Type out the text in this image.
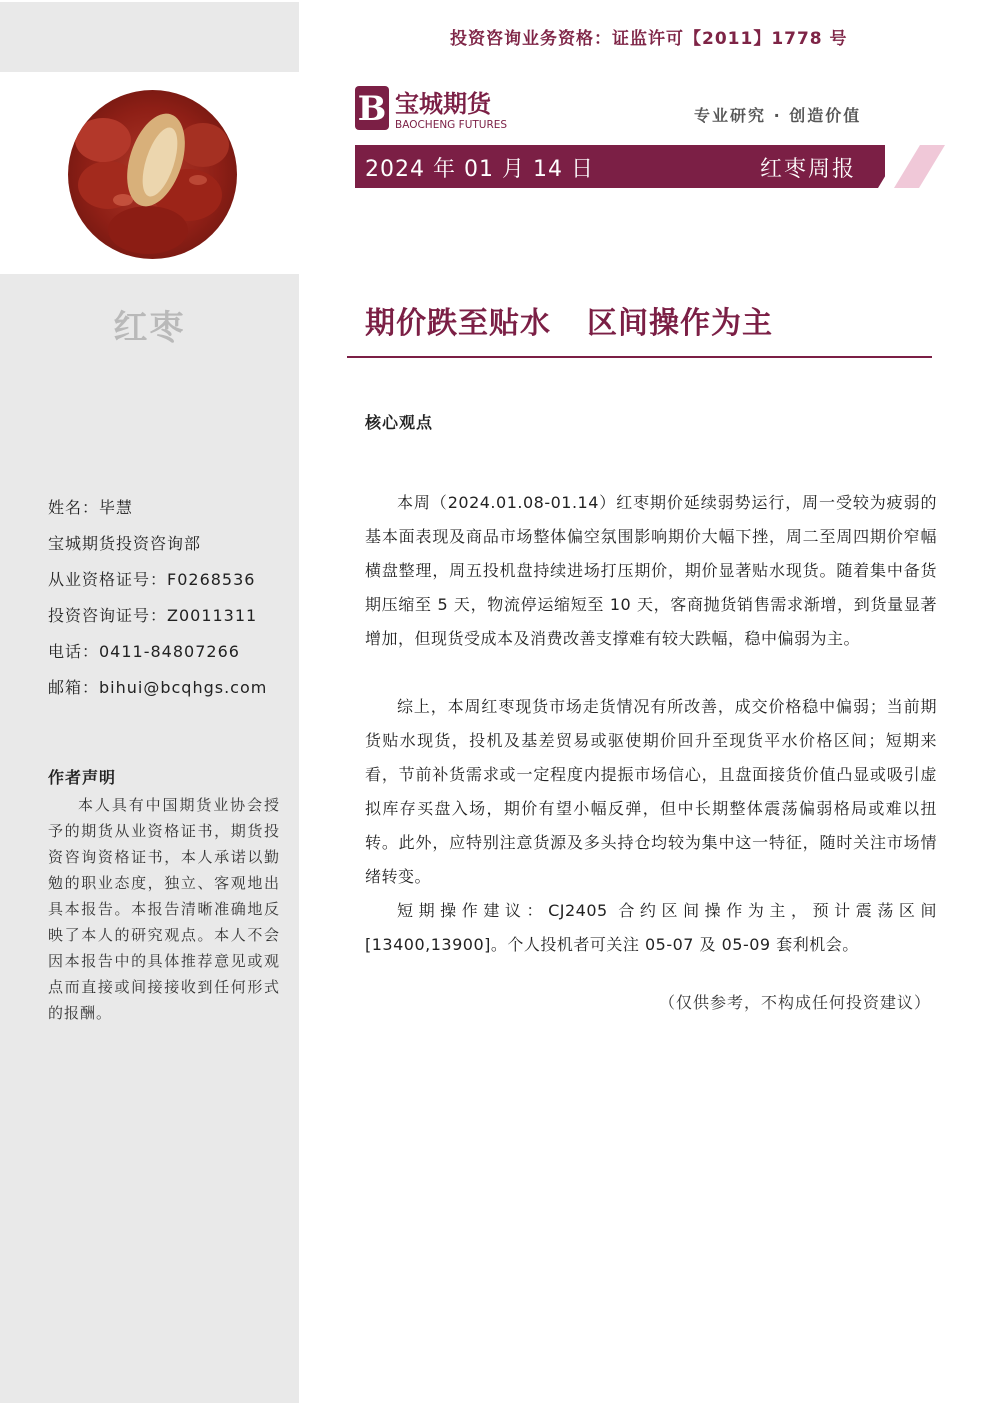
红枣
姓名：毕慧
宝城期货投资咨询部
从业资格证号：F0268536
投资咨询证号：Z0011311
电话：0411-84807266
邮箱：bihui@bcqhgs.com
作者声明
本人具有中国期货业协会授予的期货从业资格证书，期货投资咨询资格证书，本人承诺以勤勉的职业态度，独立、客观地出具本报告。本报告清晰准确地反映了本人的研究观点。本人不会因本报告中的具体推荐意见或观点而直接或间接接收到任何形式的报酬。
投资咨询业务资格：证监许可【2011】1778 号
B 宝城期货
BAOCHENG FUTURES	专业研究 · 创造价值
2024 年 01 月 14 日	红枣周报
期价跌至贴水 区间操作为主
核心观点
本周（2024.01.08-01.14）红枣期价延续弱势运行，周一受较为疲弱的基本面表现及商品市场整体偏空氛围影响期价大幅下挫，周二至周四期价窄幅横盘整理，周五投机盘持续进场打压期价，期价显著贴水现货。随着集中备货期压缩至 5 天，物流停运缩短至 10 天，客商抛货销售需求渐增，到货量显著增加，但现货受成本及消费改善支撑难有较大跌幅，稳中偏弱为主。
综上，本周红枣现货市场走货情况有所改善，成交价格稳中偏弱；当前期货贴水现货，投机及基差贸易或驱使期价回升至现货平水价格区间；短期来看，节前补货需求或一定程度内提振市场信心，且盘面接货价值凸显或吸引虚拟库存买盘入场，期价有望小幅反弹，但中长期整体震荡偏弱格局或难以扭转。此外，应特别注意货源及多头持仓均较为集中这一特征，随时关注市场情绪转变。
短期操作建议：CJ2405 合约区间操作为主，预计震荡区间[13400,13900]。个人投机者可关注 05-07 及 05-09 套利机会。
（仅供参考，不构成任何投资建议）
